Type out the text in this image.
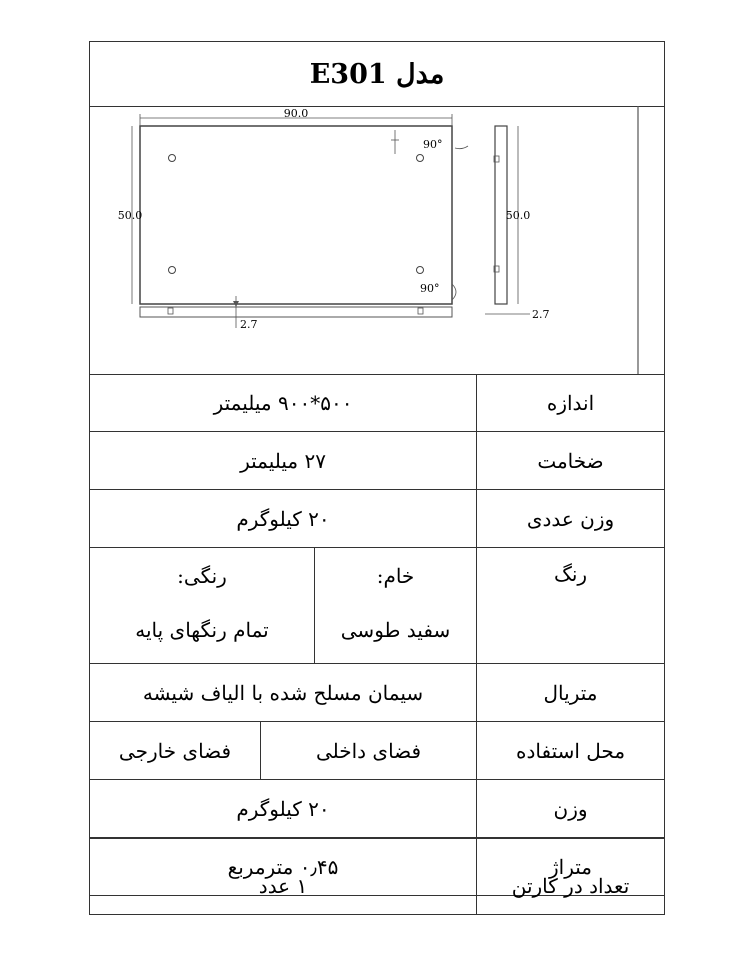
مدل E301
90.0
50.0
90°
90°
2.7
50.0
2.7
اندازه
۵۰۰*۹۰۰ میلیمتر
ضخامت
۲۷ میلیمتر
وزن عددی
۲۰ کیلوگرم
رنگ
خام:
سفید طوسی
رنگی:
تمام رنگهای پایه
متریال
سیمان مسلح شده با الیاف شیشه
محل استفاده
فضای داخلی
فضای خارجی
وزن
۲۰ کیلوگرم
متراژ
۰٫۴۵ مترمربع
تعداد در کارتن
۱ عدد
